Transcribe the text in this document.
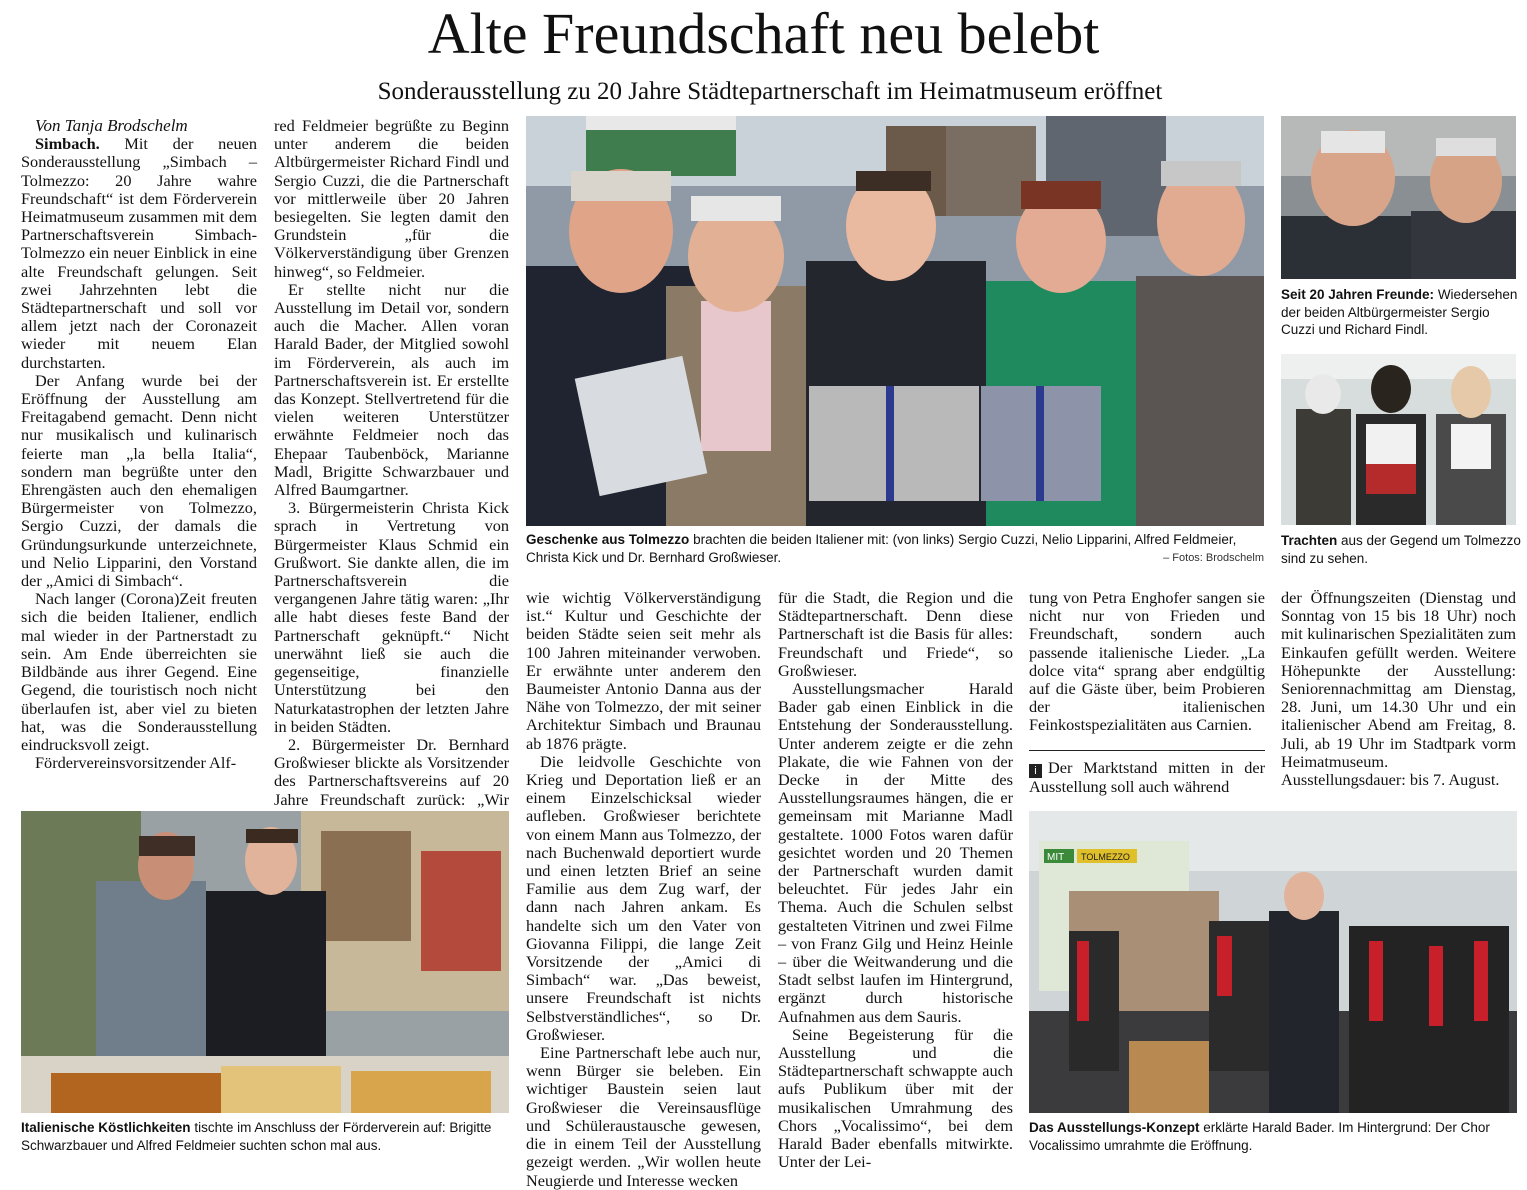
Alte Freundschaft neu belebt
Sonderausstellung zu 20 Jahre Städtepartnerschaft im Heimatmuseum eröffnet

Von Tanja Brodschelm

Simbach. Mit der neuen Sonderausstellung „Simbach – Tolmezzo: 20 Jahre wahre Freundschaft“ ist dem Förderverein Heimatmuseum zusammen mit dem Partnerschaftsverein Simbach-Tolmezzo ein neuer Einblick in eine alte Freundschaft gelungen. Seit zwei Jahrzehnten lebt die Städtepartnerschaft und soll vor allem jetzt nach der Coronazeit wieder mit neuem Elan durchstarten.

Der Anfang wurde bei der Eröffnung der Ausstellung am Freitagabend gemacht. Denn nicht nur musikalisch und kulinarisch feierte man „la bella Italia“, sondern man begrüßte unter den Ehrengästen auch den ehemaligen Bürgermeister von Tolmezzo, Sergio Cuzzi, der damals die Gründungsurkunde unterzeichnete, und Nelio Lipparini, den Vorstand der „Amici di Simbach“.

Nach langer (Corona)Zeit freuten sich die beiden Italiener, endlich mal wieder in der Partnerstadt zu sein. Am Ende überreichten sie Bildbände aus ihrer Gegend. Eine Gegend, die touristisch noch nicht überlaufen ist, aber viel zu bieten hat, was die Sonderausstellung eindrucksvoll zeigt.

Fördervereinsvorsitzender Alf-

red Feldmeier begrüßte zu Beginn unter anderem die beiden Altbürgermeister Richard Findl und Sergio Cuzzi, die die Partnerschaft vor mittlerweile über 20 Jahren besiegelten. Sie legten damit den Grundstein „für die Völkerverständigung über Grenzen hinweg“, so Feldmeier.

Er stellte nicht nur die Ausstellung im Detail vor, sondern auch die Macher. Allen voran Harald Bader, der Mitglied sowohl im Förderverein, als auch im Partnerschaftsverein ist. Er erstellte das Konzept. Stellvertretend für die vielen weiteren Unterstützer erwähnte Feldmeier noch das Ehepaar Taubenböck, Marianne Madl, Brigitte Schwarzbauer und Alfred Baumgartner.

3. Bürgermeisterin Christa Kick sprach in Vertretung von Bürgermeister Klaus Schmid ein Grußwort. Sie dankte allen, die im Partnerschaftsverein die vergangenen Jahre tätig waren: „Ihr alle habt dieses feste Band der Partnerschaft geknüpft.“ Nicht unerwähnt ließ sie auch die gegenseitige, finanzielle Unterstützung bei den Naturkatastrophen der letzten Jahre in beiden Städten.

2. Bürgermeister Dr. Bernhard Großwieser blickte als Vorsitzender des Partnerschaftsvereins auf 20 Jahre Freundschaft zurück: „Wir

Geschenke aus Tolmezzo brachten die beiden Italiener mit: (von links) Sergio Cuzzi, Nelio Lipparini, Alfred Feldmeier, Christa Kick und Dr. Bernhard Großwieser.	– Fotos: Brodschelm
Seit 20 Jahren Freunde: Wiedersehen der beiden Altbürgermeister Sergio Cuzzi und Richard Findl.
Trachten aus der Gegend um Tolmezzo sind zu sehen.

wie wichtig Völkerverständigung ist.“ Kultur und Geschichte der beiden Städte seien seit mehr als 100 Jahren miteinander verwoben. Er erwähnte unter anderem den Baumeister Antonio Danna aus der Nähe von Tolmezzo, der mit seiner Architektur Simbach und Braunau ab 1876 prägte.

Die leidvolle Geschichte von Krieg und Deportation ließ er an einem Einzelschicksal wieder aufleben. Großwieser berichtete von einem Mann aus Tolmezzo, der nach Buchenwald deportiert wurde und einen letzten Brief an seine Familie aus dem Zug warf, der dann nach Jahren ankam. Es handelte sich um den Vater von Giovanna Filippi, die lange Zeit Vorsitzende der „Amici di Simbach“ war. „Das beweist, unsere Freundschaft ist nichts Selbstverständliches“, so Dr. Großwieser.

Eine Partnerschaft lebe auch nur, wenn Bürger sie beleben. Ein wichtiger Baustein seien laut Großwieser die Vereinsausflüge und Schüleraustausche gewesen, die in einem Teil der Ausstellung gezeigt werden. „Wir wollen heute Neugierde und Interesse wecken

für die Stadt, die Region und die Städtepartnerschaft. Denn diese Partnerschaft ist die Basis für alles: Freundschaft und Friede“, so Großwieser.

Ausstellungsmacher Harald Bader gab einen Einblick in die Entstehung der Sonderausstellung. Unter anderem zeigte er die zehn Plakate, die wie Fahnen von der Decke in der Mitte des Ausstellungsraumes hängen, die er gemeinsam mit Marianne Madl gestaltete. 1000 Fotos waren dafür gesichtet worden und 20 Themen der Partnerschaft wurden damit beleuchtet. Für jedes Jahr ein Thema. Auch die Schulen selbst gestalteten Vitrinen und zwei Filme – von Franz Gilg und Heinz Heinle – über die Weitwanderung und die Stadt selbst laufen im Hintergrund, ergänzt durch historische Aufnahmen aus dem Sauris.

Seine Begeisterung für die Ausstellung und die Städtepartnerschaft schwappte auch aufs Publikum über mit der musikalischen Umrahmung des Chors „Vocalissimo“, bei dem Harald Bader ebenfalls mitwirkte. Unter der Lei-

tung von Petra Enghofer sangen sie nicht nur von Frieden und Freundschaft, sondern auch passende italienische Lieder. „La dolce vita“ sprang aber endgültig auf die Gäste über, beim Probieren der italienischen Feinkostspezialitäten aus Carnien.

i Der Marktstand mitten in der Ausstellung soll auch während

der Öffnungszeiten (Dienstag und Sonntag von 15 bis 18 Uhr) noch mit kulinarischen Spezialitäten zum Einkaufen gefüllt werden. Weitere Höhepunkte der Ausstellung: Seniorennachmittag am Dienstag, 28. Juni, um 14.30 Uhr und ein italienischer Abend am Freitag, 8. Juli, ab 19 Uhr im Stadtpark vorm Heimatmuseum. Ausstellungsdauer: bis 7. August.

Italienische Köstlichkeiten tischte im Anschluss der Förderverein auf: Brigitte Schwarzbauer und Alfred Feldmeier suchten schon mal aus.
MIT TOLMEZZO
Das Ausstellungs-Konzept erklärte Harald Bader. Im Hintergrund: Der Chor Vocalissimo umrahmte die Eröffnung.
